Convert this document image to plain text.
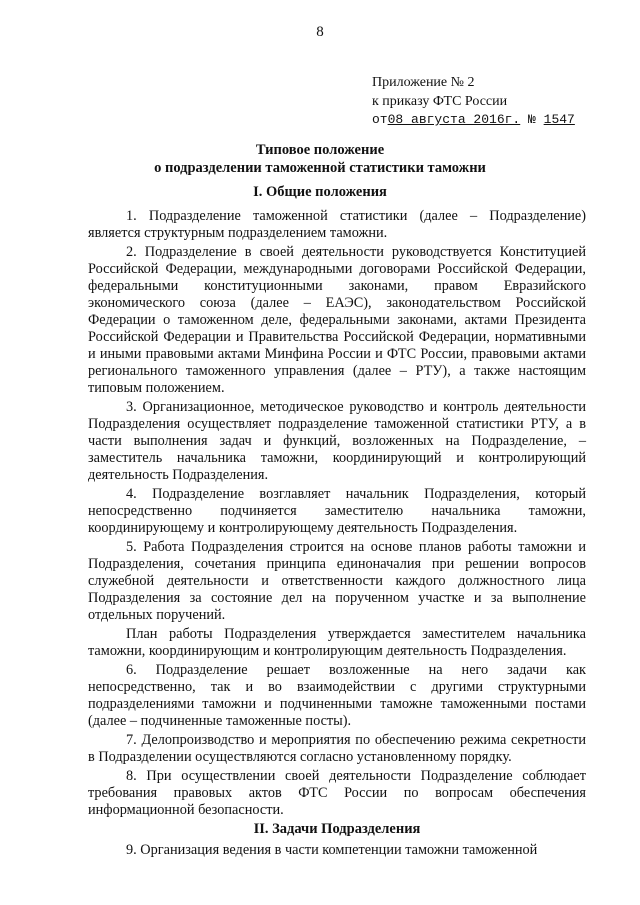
8
Приложение № 2
к приказу ФТС России
от08 августа 2016г. № 1547
Типовое положение
о подразделении таможенной статистики таможни
I. Общие положения

1. Подразделение таможенной статистики (далее – Подразделение) является структурным подразделением таможни.

2. Подразделение в своей деятельности руководствуется Конституцией Российской Федерации, международными договорами Российской Федерации, федеральными конституционными законами, правом Евразийского экономического союза (далее – ЕАЭС), законодательством Российской Федерации о таможенном деле, федеральными законами, актами Президента Российской Федерации и Правительства Российской Федерации, нормативными и иными правовыми актами Минфина России и ФТС России, правовыми актами регионального таможенного управления (далее – РТУ), а также настоящим типовым положением.

3. Организационное, методическое руководство и контроль деятельности Подразделения осуществляет подразделение таможенной статистики РТУ, а в части выполнения задач и функций, возложенных на Подразделение, – заместитель начальника таможни, координирующий и контролирующий деятельность Подразделения.

4. Подразделение возглавляет начальник Подразделения, который непосредственно подчиняется заместителю начальника таможни, координирующему и контролирующему деятельность Подразделения.

5. Работа Подразделения строится на основе планов работы таможни и Подразделения, сочетания принципа единоначалия при решении вопросов служебной деятельности и ответственности каждого должностного лица Подразделения за состояние дел на порученном участке и за выполнение отдельных поручений.

План работы Подразделения утверждается заместителем начальника таможни, координирующим и контролирующим деятельность Подразделения.

6. Подразделение решает возложенные на него задачи как непосредственно, так и во взаимодействии с другими структурными подразделениями таможни и подчиненными таможне таможенными постами (далее – подчиненные таможенные посты).

7. Делопроизводство и мероприятия по обеспечению режима секретности в Подразделении осуществляются согласно установленному порядку.

8. При осуществлении своей деятельности Подразделение соблюдает требования правовых актов ФТС России по вопросам обеспечения информационной безопасности.

II. Задачи Подразделения

9. Организация ведения в части компетенции таможни таможенной
